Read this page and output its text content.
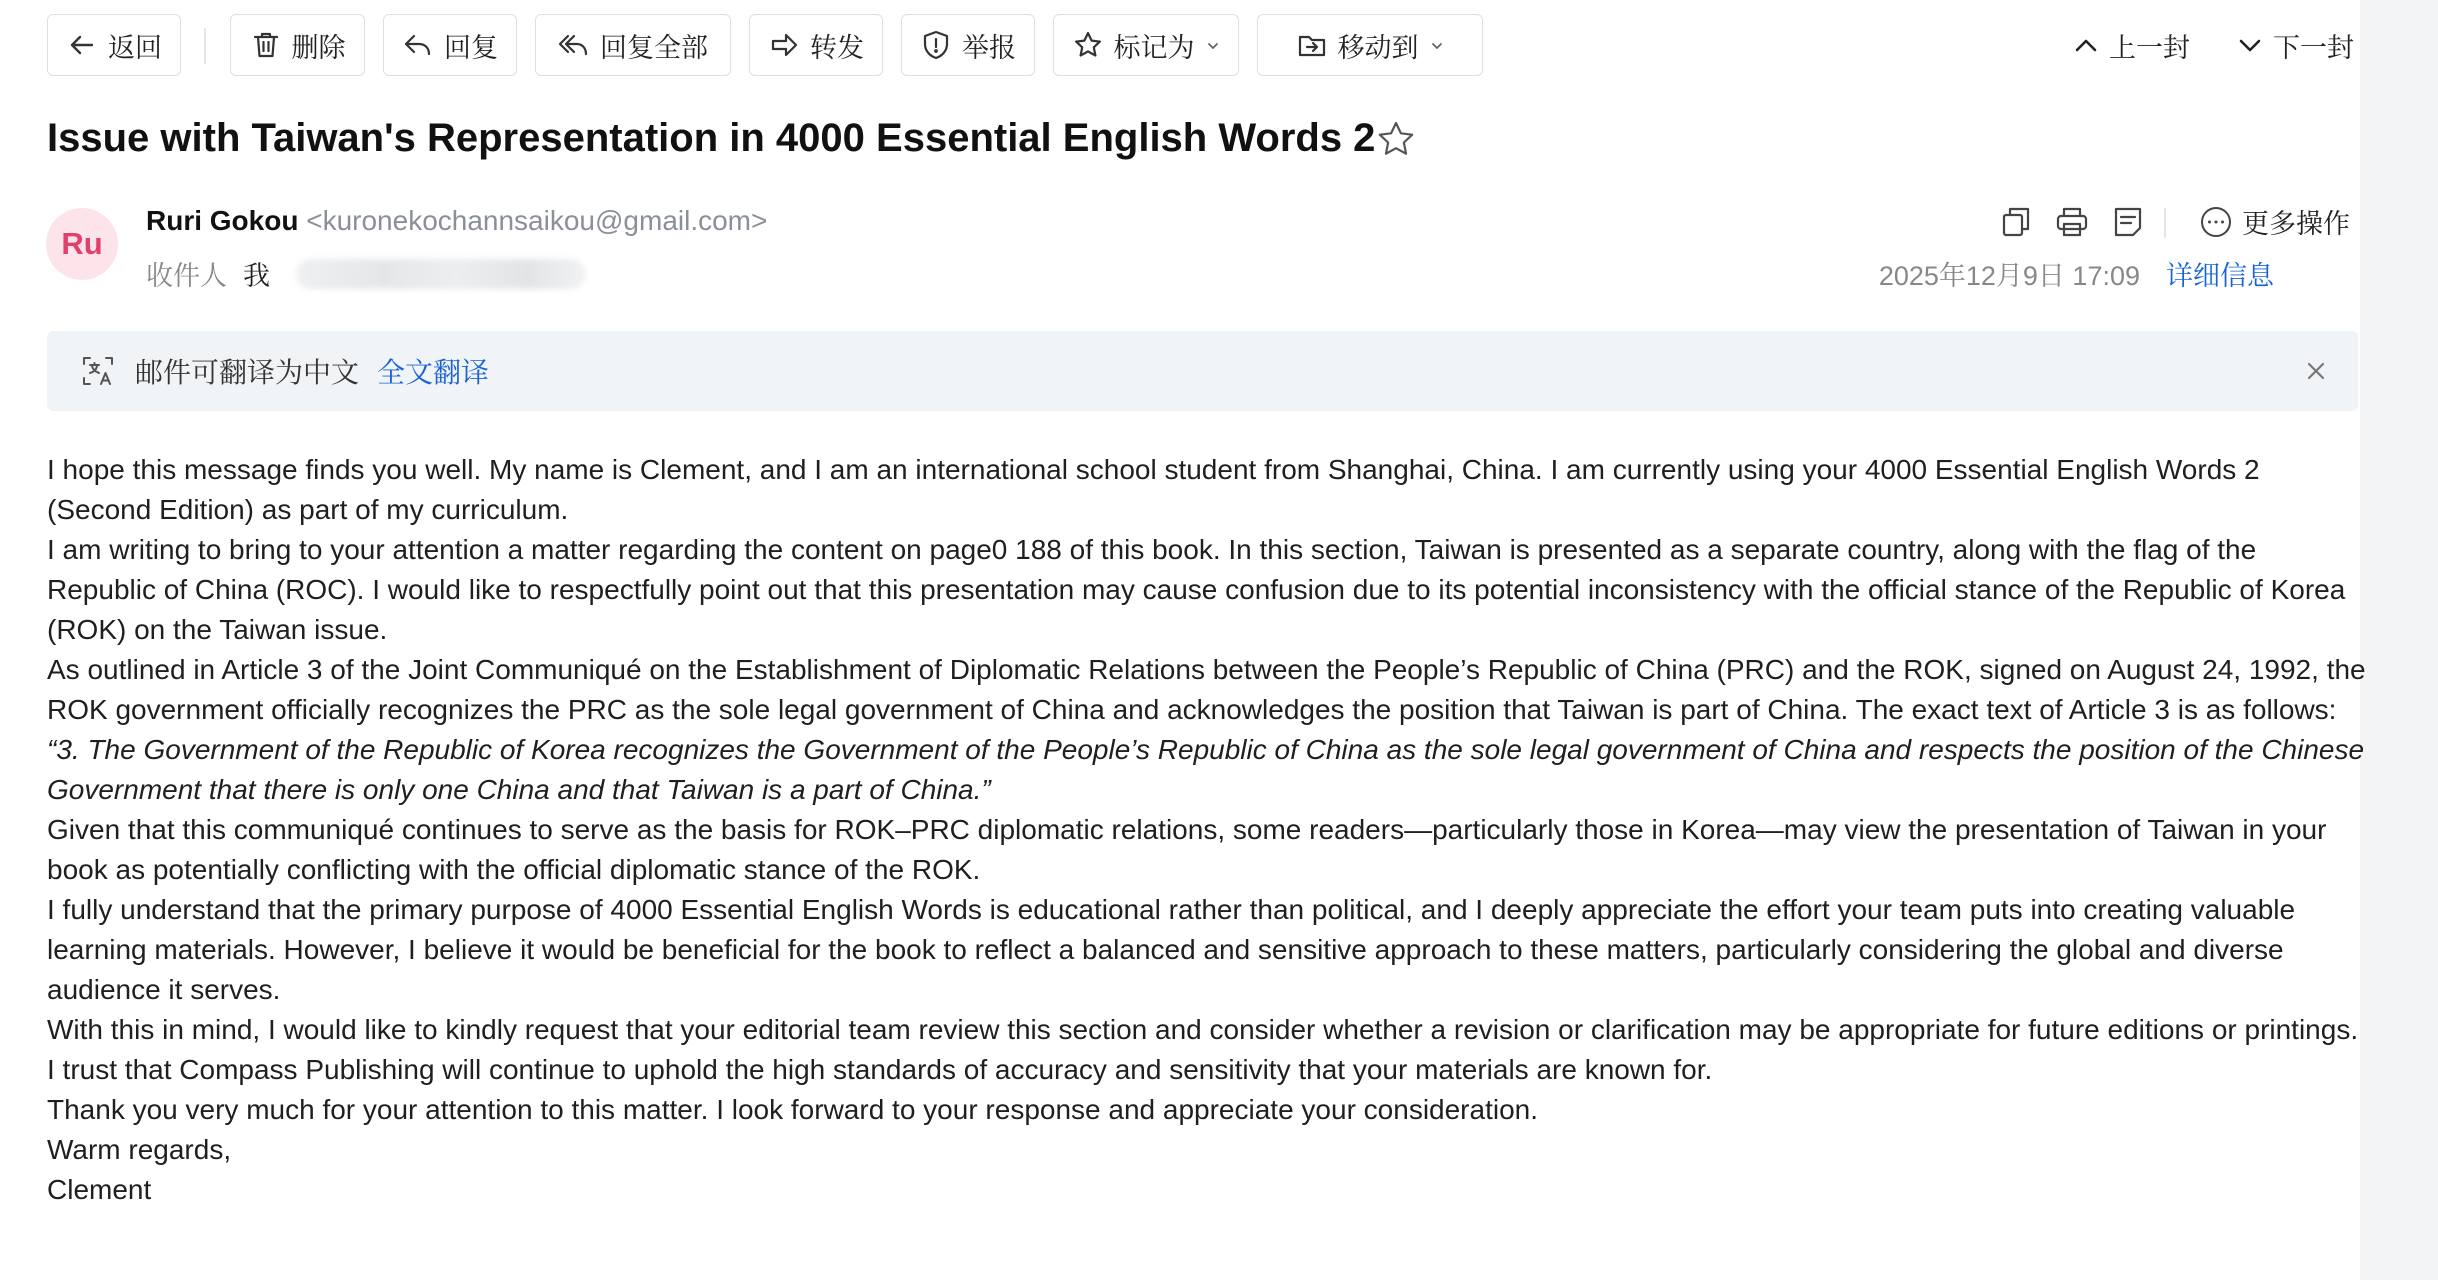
返回	删除	回复	回复全部	转发	举报	标记为	移动到	上一封	下一封
Issue with Taiwan's Representation in 4000 Essential English Words 2
Ru
Ruri Gokou <kuronekochannsaikou@gmail.com>
收件人 我
更多操作
2025年12月9日 17:09 详细信息
邮件可翻译为中文 全文翻译

I hope this message finds you well. My name is Clement, and I am an international school student from Shanghai, China. I am currently using your 4000 Essential English Words 2 (Second Edition) as part of my curriculum.

I am writing to bring to your attention a matter regarding the content on page0 188 of this book. In this section, Taiwan is presented as a separate country, along with the flag of the Republic of China (ROC). I would like to respectfully point out that this presentation may cause confusion due to its potential inconsistency with the official stance of the Republic of Korea (ROK) on the Taiwan issue.

As outlined in Article 3 of the Joint Communiqué on the Establishment of Diplomatic Relations between the People’s Republic of China (PRC) and the ROK, signed on August 24, 1992, the ROK government officially recognizes the PRC as the sole legal government of China and acknowledges the position that Taiwan is part of China. The exact text of Article 3 is as follows:

“3. The Government of the Republic of Korea recognizes the Government of the People’s Republic of China as the sole legal government of China and respects the position of the Chinese Government that there is only one China and that Taiwan is a part of China.”

Given that this communiqué continues to serve as the basis for ROK–PRC diplomatic relations, some readers—particularly those in Korea—may view the presentation of Taiwan in your book as potentially conflicting with the official diplomatic stance of the ROK.

I fully understand that the primary purpose of 4000 Essential English Words is educational rather than political, and I deeply appreciate the effort your team puts into creating valuable learning materials. However, I believe it would be beneficial for the book to reflect a balanced and sensitive approach to these matters, particularly considering the global and diverse audience it serves.

With this in mind, I would like to kindly request that your editorial team review this section and consider whether a revision or clarification may be appropriate for future editions or printings. I trust that Compass Publishing will continue to uphold the high standards of accuracy and sensitivity that your materials are known for.

Thank you very much for your attention to this matter. I look forward to your response and appreciate your consideration.

Warm regards,

Clement
